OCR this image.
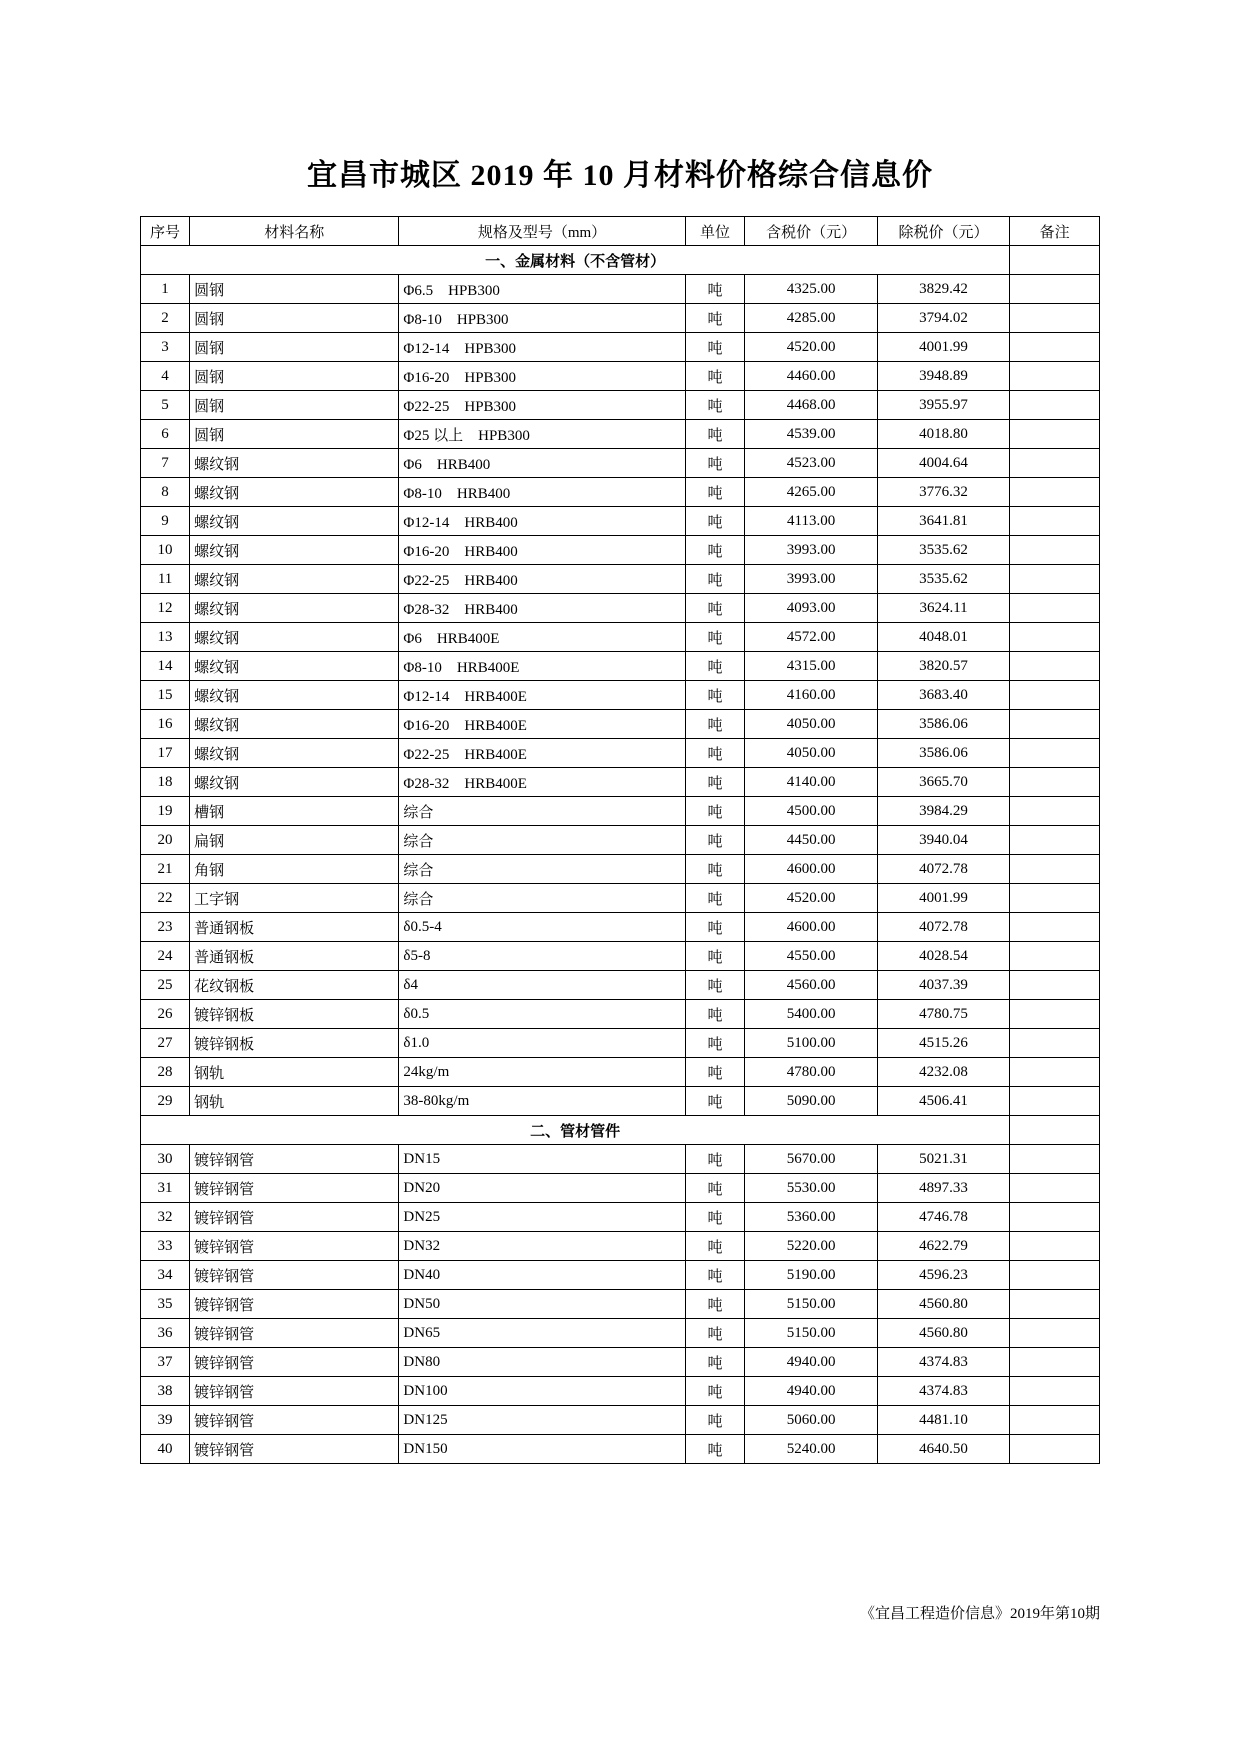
宜昌市城区 2019 年 10 月材料价格综合信息价
序号	材料名称	规格及型号（mm）	单位	含税价（元）	除税价（元）	备注
一、金属材料（不含管材）						
1	圆钢	Φ6.5　HPB300	吨	4325.00	3829.42	
2	圆钢	Φ8-10　HPB300	吨	4285.00	3794.02	
3	圆钢	Φ12-14　HPB300	吨	4520.00	4001.99	
4	圆钢	Φ16-20　HPB300	吨	4460.00	3948.89	
5	圆钢	Φ22-25　HPB300	吨	4468.00	3955.97	
6	圆钢	Φ25 以上　HPB300	吨	4539.00	4018.80	
7	螺纹钢	Φ6　HRB400	吨	4523.00	4004.64	
8	螺纹钢	Φ8-10　HRB400	吨	4265.00	3776.32	
9	螺纹钢	Φ12-14　HRB400	吨	4113.00	3641.81	
10	螺纹钢	Φ16-20　HRB400	吨	3993.00	3535.62	
11	螺纹钢	Φ22-25　HRB400	吨	3993.00	3535.62	
12	螺纹钢	Φ28-32　HRB400	吨	4093.00	3624.11	
13	螺纹钢	Φ6　HRB400E	吨	4572.00	4048.01	
14	螺纹钢	Φ8-10　HRB400E	吨	4315.00	3820.57	
15	螺纹钢	Φ12-14　HRB400E	吨	4160.00	3683.40	
16	螺纹钢	Φ16-20　HRB400E	吨	4050.00	3586.06	
17	螺纹钢	Φ22-25　HRB400E	吨	4050.00	3586.06	
18	螺纹钢	Φ28-32　HRB400E	吨	4140.00	3665.70	
19	槽钢	综合	吨	4500.00	3984.29	
20	扁钢	综合	吨	4450.00	3940.04	
21	角钢	综合	吨	4600.00	4072.78	
22	工字钢	综合	吨	4520.00	4001.99	
23	普通钢板	δ0.5-4	吨	4600.00	4072.78	
24	普通钢板	δ5-8	吨	4550.00	4028.54	
25	花纹钢板	δ4	吨	4560.00	4037.39	
26	镀锌钢板	δ0.5	吨	5400.00	4780.75	
27	镀锌钢板	δ1.0	吨	5100.00	4515.26	
28	钢轨	24kg/m	吨	4780.00	4232.08	
29	钢轨	38-80kg/m	吨	5090.00	4506.41	
二、管材管件						
30	镀锌钢管	DN15	吨	5670.00	5021.31	
31	镀锌钢管	DN20	吨	5530.00	4897.33	
32	镀锌钢管	DN25	吨	5360.00	4746.78	
33	镀锌钢管	DN32	吨	5220.00	4622.79	
34	镀锌钢管	DN40	吨	5190.00	4596.23	
35	镀锌钢管	DN50	吨	5150.00	4560.80	
36	镀锌钢管	DN65	吨	5150.00	4560.80	
37	镀锌钢管	DN80	吨	4940.00	4374.83	
38	镀锌钢管	DN100	吨	4940.00	4374.83	
39	镀锌钢管	DN125	吨	5060.00	4481.10	
40	镀锌钢管	DN150	吨	5240.00	4640.50	
《宜昌工程造价信息》2019年第10期
